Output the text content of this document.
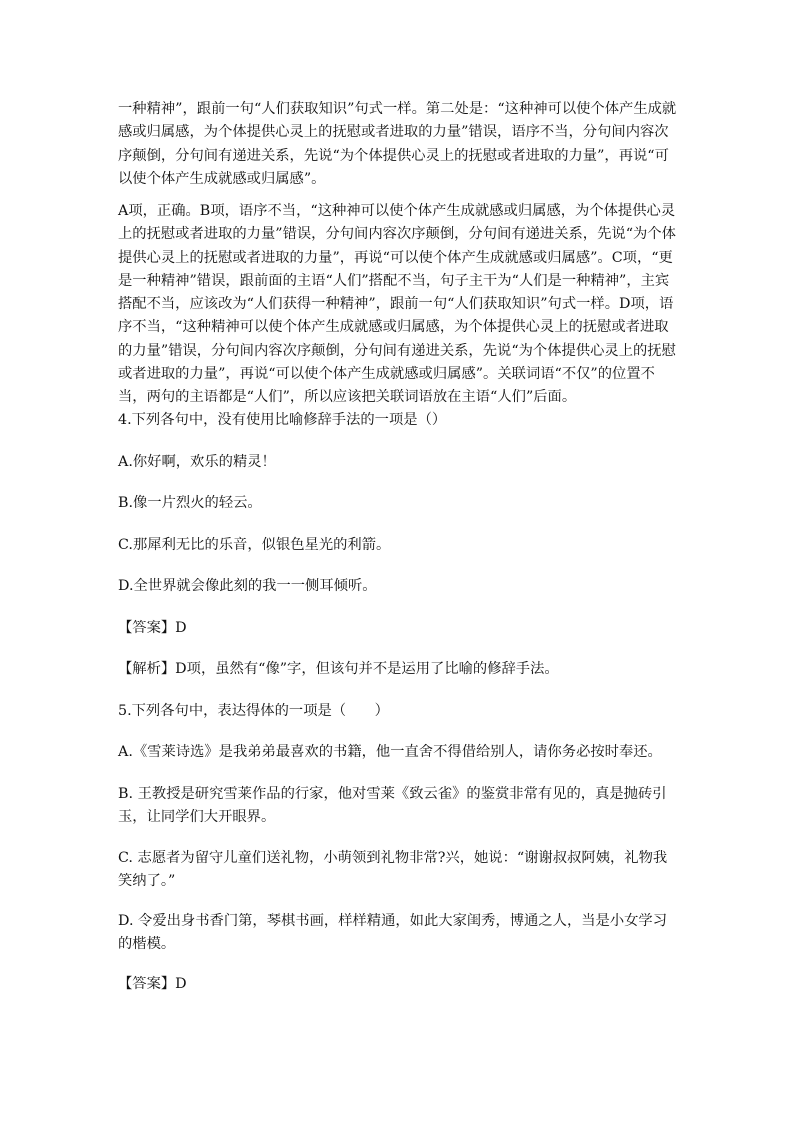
一种精神”，跟前一句“人们获取知识”句式一样。第二处是：“这种神可以使个体产生成就感或归属感，为个体提供心灵上的抚慰或者进取的力量”错误，语序不当，分句间内容次序颠倒，分句间有递进关系，先说“为个体提供心灵上的抚慰或者进取的力量”，再说“可以使个体产生成就感或归属感”。

A项，正确。B项，语序不当，“这种神可以使个体产生成就感或归属感，为个体提供心灵上的抚慰或者进取的力量”错误，分句间内容次序颠倒，分句间有递进关系，先说“为个体提供心灵上的抚慰或者进取的力量”，再说“可以使个体产生成就感或归属感”。C项，“更是一种精神”错误，跟前面的主语“人们”搭配不当，句子主干为“人们是一种精神”，主宾搭配不当，应该改为“人们获得一种精神”，跟前一句“人们获取知识”句式一样。D项，语序不当，“这种精神可以使个体产生成就感或归属感，为个体提供心灵上的抚慰或者进取的力量”错误，分句间内容次序颠倒，分句间有递进关系，先说“为个体提供心灵上的抚慰或者进取的力量”，再说“可以使个体产生成就感或归属感”。关联词语“不仅”的位置不当，两句的主语都是“人们”，所以应该把关联词语放在主语“人们”后面。

4.下列各句中，没有使用比喻修辞手法的一项是（）

A.你好啊，欢乐的精灵！

B.像一片烈火的轻云。

C.那犀利无比的乐音，似银色星光的利箭。

D.全世界就会像此刻的我一一侧耳倾听。

【答案】D

【解析】D项，虽然有“像”字，但该句并不是运用了比喻的修辞手法。

5.下列各句中，表达得体的一项是（　　）

A.《雪莱诗选》是我弟弟最喜欢的书籍，他一直舍不得借给别人，请你务必按时奉还。

B. 王教授是研究雪莱作品的行家，他对雪莱《致云雀》的鉴赏非常有见的，真是抛砖引玉，让同学们大开眼界。

C. 志愿者为留守儿童们送礼物，小萌领到礼物非常?兴，她说：“谢谢叔叔阿姨，礼物我笑纳了。”

D. 令爱出身书香门第，琴棋书画，样样精通，如此大家闺秀，博通之人，当是小女学习的楷模。

【答案】D
